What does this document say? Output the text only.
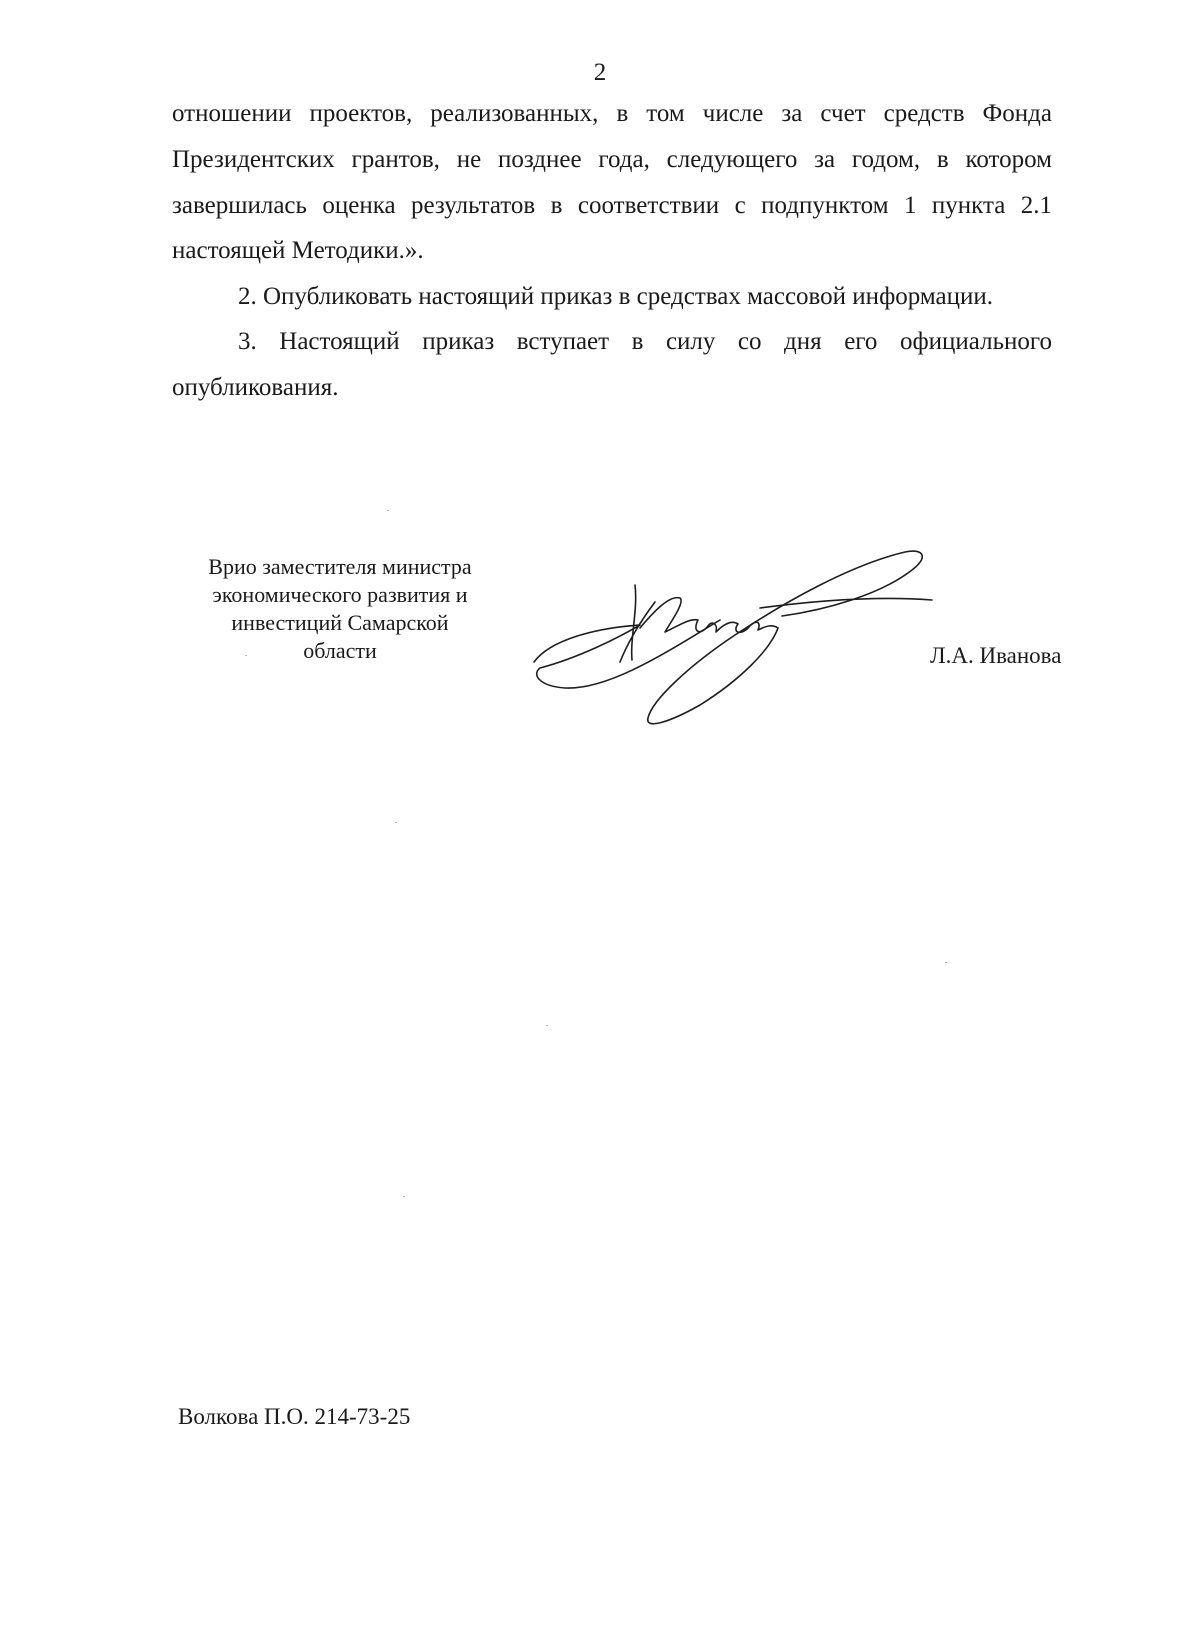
2
отношении проектов, реализованных, в том числе за счет средств Фонда
Президентских грантов, не позднее года, следующего за годом, в котором
завершилась оценка результатов в соответствии с подпунктом 1 пункта 2.1
настоящей Методики.».
2. Опубликовать настоящий приказ в средствах массовой информации.
3. Настоящий приказ вступает в силу со дня его официального
опубликования.
Врио заместителя министра
экономического развития и
инвестиций Самарской
области	Л.А. Иванова
Волкова П.О. 214-73-25
